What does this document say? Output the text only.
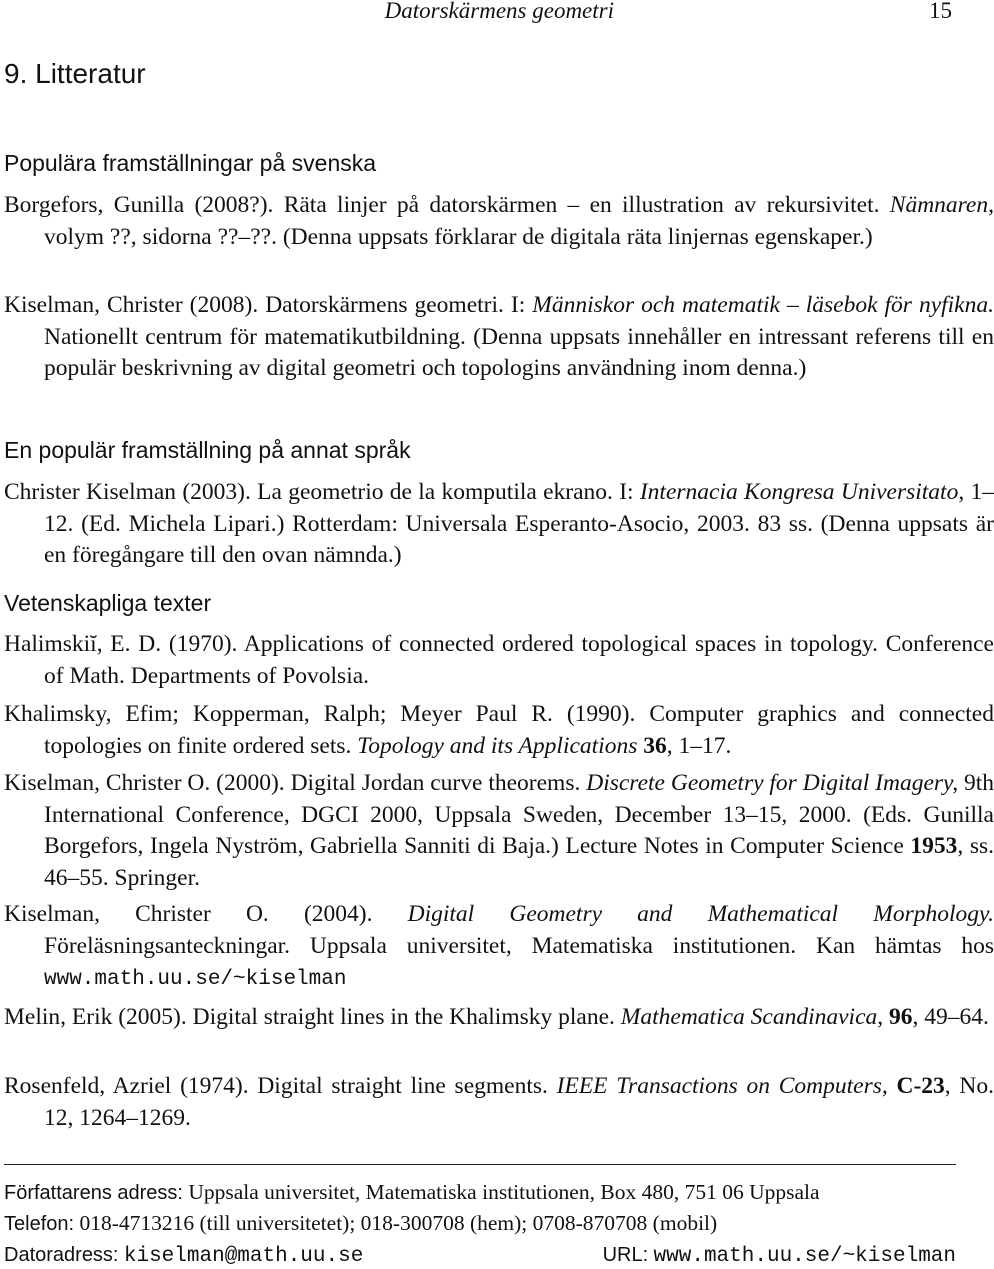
Datorskärmens geometri	15
9. Litteratur
Populära framställningar på svenska
Borgefors, Gunilla (2008?). Räta linjer på datorskärmen – en illustration av rekursivitet. Nämnaren, volym ??, sidorna ??–??. (Denna uppsats förklarar de digitala räta linjernas egenskaper.)
Kiselman, Christer (2008). Datorskärmens geometri. I: Människor och matematik – läsebok för nyfikna. Nationellt centrum för matematikutbildning. (Denna uppsats innehåller en intressant referens till en populär beskrivning av digital geometri och topologins användning inom denna.)
En populär framställning på annat språk
Christer Kiselman (2003). La geometrio de la komputila ekrano. I: Internacia Kongresa Universitato, 1–12. (Ed. Michela Lipari.) Rotterdam: Universala Esperanto-Asocio, 2003. 83 ss. (Denna uppsats är en föregångare till den ovan nämnda.)
Vetenskapliga texter
Halimskiĭ, E. D. (1970). Applications of connected ordered topological spaces in topology. Conference of Math. Departments of Povolsia.
Khalimsky, Efim; Kopperman, Ralph; Meyer Paul R. (1990). Computer graphics and connected topologies on finite ordered sets. Topology and its Applications 36, 1–17.
Kiselman, Christer O. (2000). Digital Jordan curve theorems. Discrete Geometry for Digital Imagery, 9th International Conference, DGCI 2000, Uppsala Sweden, December 13–15, 2000. (Eds. Gunilla Borgefors, Ingela Nyström, Gabriella Sanniti di Baja.) Lecture Notes in Computer Science 1953, ss. 46–55. Springer.
Kiselman, Christer O. (2004). Digital Geometry and Mathematical Morphology. Föreläsningsanteckningar. Uppsala universitet, Matematiska institutionen. Kan hämtas hos www.math.uu.se/~kiselman
Melin, Erik (2005). Digital straight lines in the Khalimsky plane. Mathematica Scandinavica, 96, 49–64.
Rosenfeld, Azriel (1974). Digital straight line segments. IEEE Transactions on Computers, C-23, No. 12, 1264–1269.
Författarens adress: Uppsala universitet, Matematiska institutionen, Box 480, 751 06 Uppsala
Telefon: 018-4713216 (till universitetet); 018-300708 (hem); 0708-870708 (mobil)
Datoradress: kiselman@math.uu.se	URL: www.math.uu.se/~kiselman
